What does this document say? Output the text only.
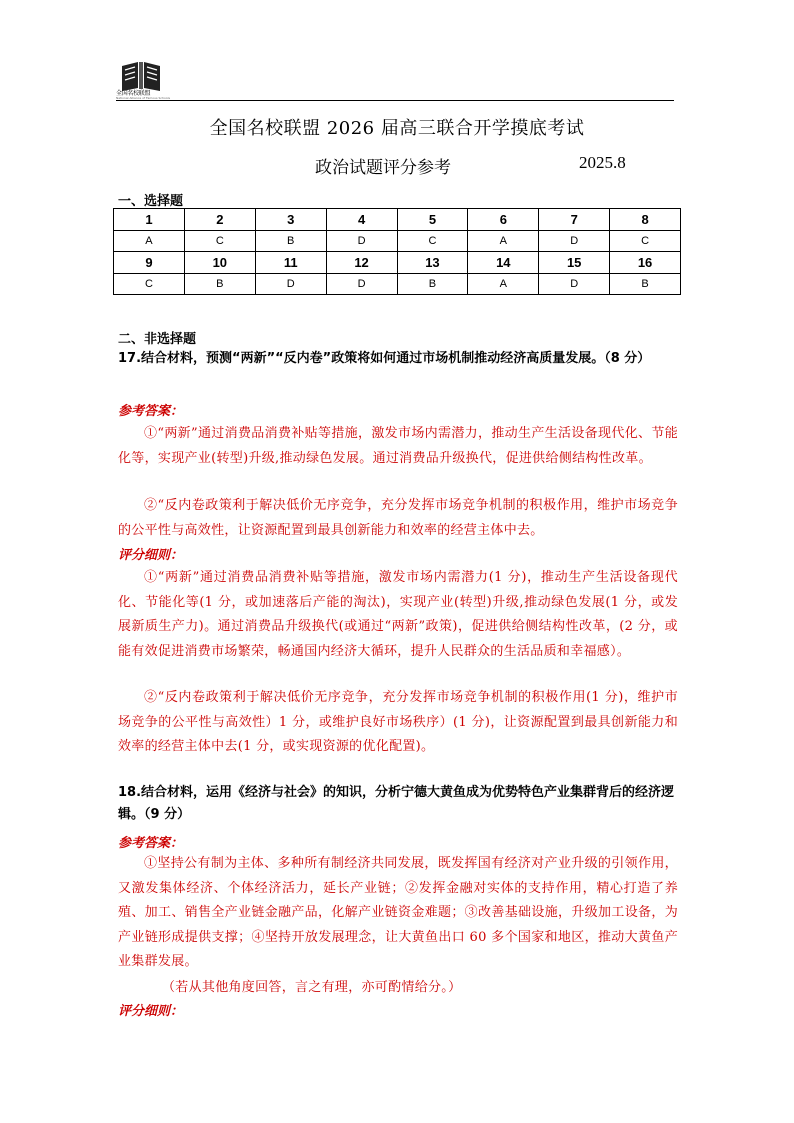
全国名校联盟
National Alliance of Famous Schools
全国名校联盟 2026 届高三联合开学摸底考试
政治试题评分参考	2025.8
一、选择题
1	2	3	4	5	6	7	8
A	C	B	D	C	A	D	C
9	10	11	12	13	14	15	16
C	B	D	D	B	A	D	B
二、非选择题
17.结合材料，预测“两新”“反内卷”政策将如何通过市场机制推动经济高质量发展。（8 分）
参考答案：

①“两新”通过消费品消费补贴等措施，激发市场内需潜力，推动生产生活设备现代化、节能化等，实现产业(转型)升级,推动绿色发展。通过消费品升级换代，促进供给侧结构性改革。

②“反内卷政策利于解决低价无序竞争，充分发挥市场竞争机制的积极作用，维护市场竞争的公平性与高效性，让资源配置到最具创新能力和效率的经营主体中去。

评分细则：

①“两新”通过消费品消费补贴等措施，激发市场内需潜力(1 分)，推动生产生活设备现代化、节能化等(1 分，或加速落后产能的淘汰)，实现产业(转型)升级,推动绿色发展(1 分，或发展新质生产力)。通过消费品升级换代(或通过“两新”政策)，促进供给侧结构性改革，(2 分，或能有效促进消费市场繁荣，畅通国内经济大循环，提升人民群众的生活品质和幸福感）。

②“反内卷政策利于解决低价无序竞争，充分发挥市场竞争机制的积极作用(1 分)，维护市场竞争的公平性与高效性）1 分，或维护良好市场秩序）(1 分)，让资源配置到最具创新能力和效率的经营主体中去(1 分，或实现资源的优化配置)。

18.结合材料，运用《经济与社会》的知识，分析宁德大黄鱼成为优势特色产业集群背后的经济逻辑。（9 分）
参考答案：

①坚持公有制为主体、多种所有制经济共同发展，既发挥国有经济对产业升级的引领作用，又激发集体经济、个体经济活力，延长产业链；②发挥金融对实体的支持作用，精心打造了养殖、加工、销售全产业链金融产品，化解产业链资金难题；③改善基础设施，升级加工设备，为产业链形成提供支撑；④坚持开放发展理念，让大黄鱼出口 60 多个国家和地区，推动大黄鱼产业集群发展。

（若从其他角度回答，言之有理，亦可酌情给分。）
评分细则：
